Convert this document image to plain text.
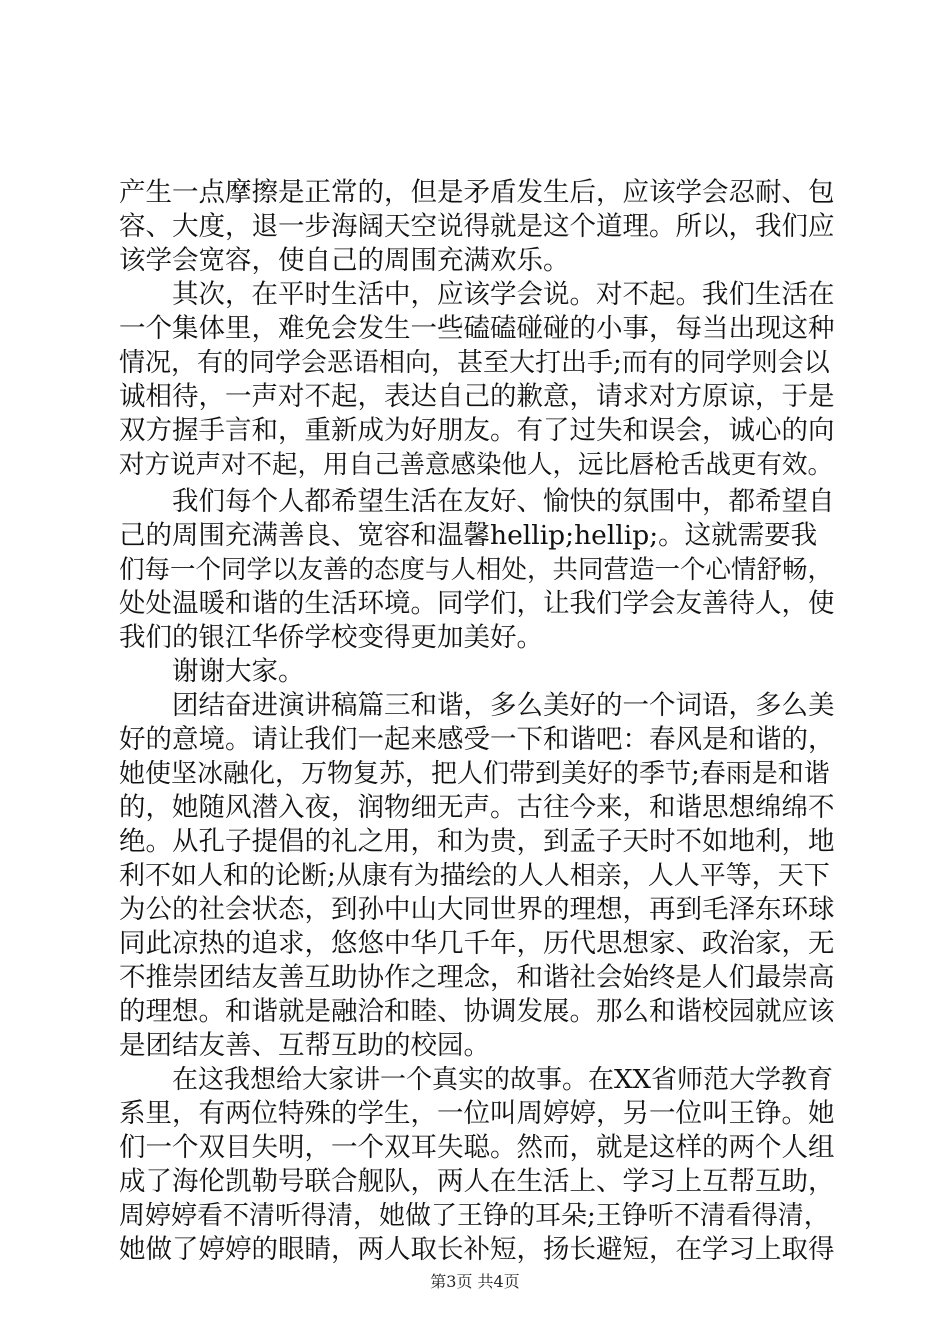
产生一点摩擦是正常的，但是矛盾发生后，应该学会忍耐、包
容、大度，退一步海阔天空说得就是这个道理。所以，我们应
该学会宽容，使自己的周围充满欢乐。
其次，在平时生活中，应该学会说。对不起。我们生活在
一个集体里，难免会发生一些磕磕碰碰的小事，每当出现这种
情况，有的同学会恶语相向，甚至大打出手;而有的同学则会以
诚相待，一声对不起，表达自己的歉意，请求对方原谅，于是
双方握手言和，重新成为好朋友。有了过失和误会，诚心的向
对方说声对不起，用自己善意感染他人，远比唇枪舌战更有效。
我们每个人都希望生活在友好、愉快的氛围中，都希望自
己的周围充满善良、宽容和温馨hellip;hellip;。这就需要我
们每一个同学以友善的态度与人相处，共同营造一个心情舒畅，
处处温暖和谐的生活环境。同学们，让我们学会友善待人，使
我们的银江华侨学校变得更加美好。
谢谢大家。
团结奋进演讲稿篇三和谐，多么美好的一个词语，多么美
好的意境。请让我们一起来感受一下和谐吧：春风是和谐的，
她使坚冰融化，万物复苏，把人们带到美好的季节;春雨是和谐
的，她随风潜入夜，润物细无声。古往今来，和谐思想绵绵不
绝。从孔子提倡的礼之用，和为贵，到孟子天时不如地利，地
利不如人和的论断;从康有为描绘的人人相亲，人人平等，天下
为公的社会状态，到孙中山大同世界的理想，再到毛泽东环球
同此凉热的追求，悠悠中华几千年，历代思想家、政治家，无
不推崇团结友善互助协作之理念，和谐社会始终是人们最崇高
的理想。和谐就是融洽和睦、协调发展。那么和谐校园就应该
是团结友善、互帮互助的校园。
在这我想给大家讲一个真实的故事。在XX省师范大学教育
系里，有两位特殊的学生，一位叫周婷婷，另一位叫王铮。她
们一个双目失明，一个双耳失聪。然而，就是这样的两个人组
成了海伦凯勒号联合舰队，两人在生活上、学习上互帮互助，
周婷婷看不清听得清，她做了王铮的耳朵;王铮听不清看得清，
她做了婷婷的眼睛，两人取长补短，扬长避短，在学习上取得
第3页 共4页
